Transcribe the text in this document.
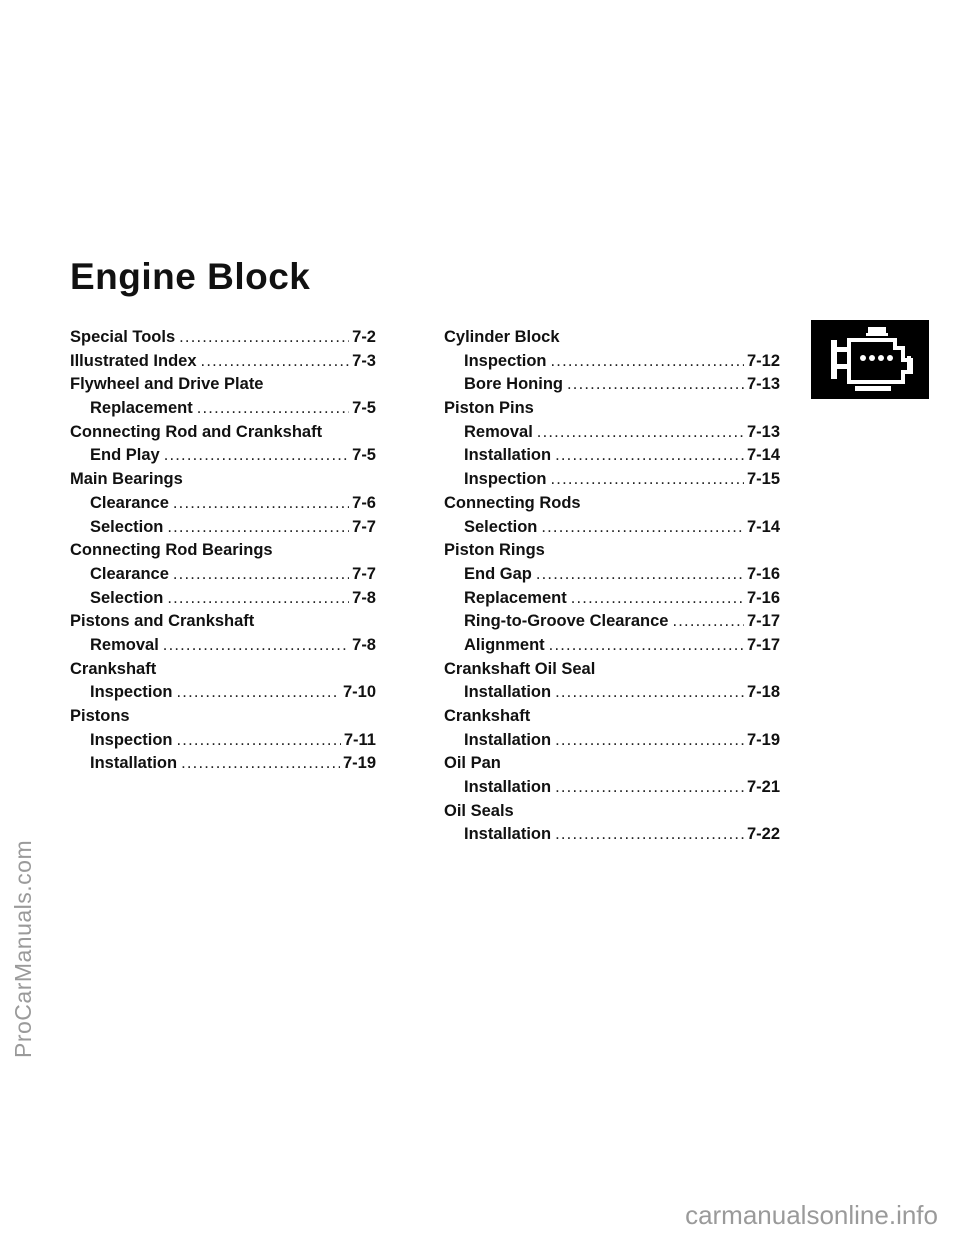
ProCarManuals.com
carmanualsonline.info
Engine Block
Special Tools .....	7-2
Illustrated Index .....	7-3
Flywheel and Drive Plate
Replacement .....	7-5
Connecting Rod and Crankshaft
End Play .....	7-5
Main Bearings
Clearance .....	7-6
Selection .....	7-7
Connecting Rod Bearings
Clearance .....	7-7
Selection .....	7-8
Pistons and Crankshaft
Removal .....	7-8
Crankshaft
Inspection .....	7-10
Pistons
Inspection .....	7-11
Installation .....	7-19
Cylinder Block
Inspection .....	7-12
Bore Honing .....	7-13
Piston Pins
Removal .....	7-13
Installation .....	7-14
Inspection .....	7-15
Connecting Rods
Selection .....	7-14
Piston Rings
End Gap .....	7-16
Replacement .....	7-16
Ring-to-Groove Clearance .....	7-17
Alignment .....	7-17
Crankshaft Oil Seal
Installation .....	7-18
Crankshaft
Installation .....	7-19
Oil Pan
Installation .....	7-21
Oil Seals
Installation .....	7-22
